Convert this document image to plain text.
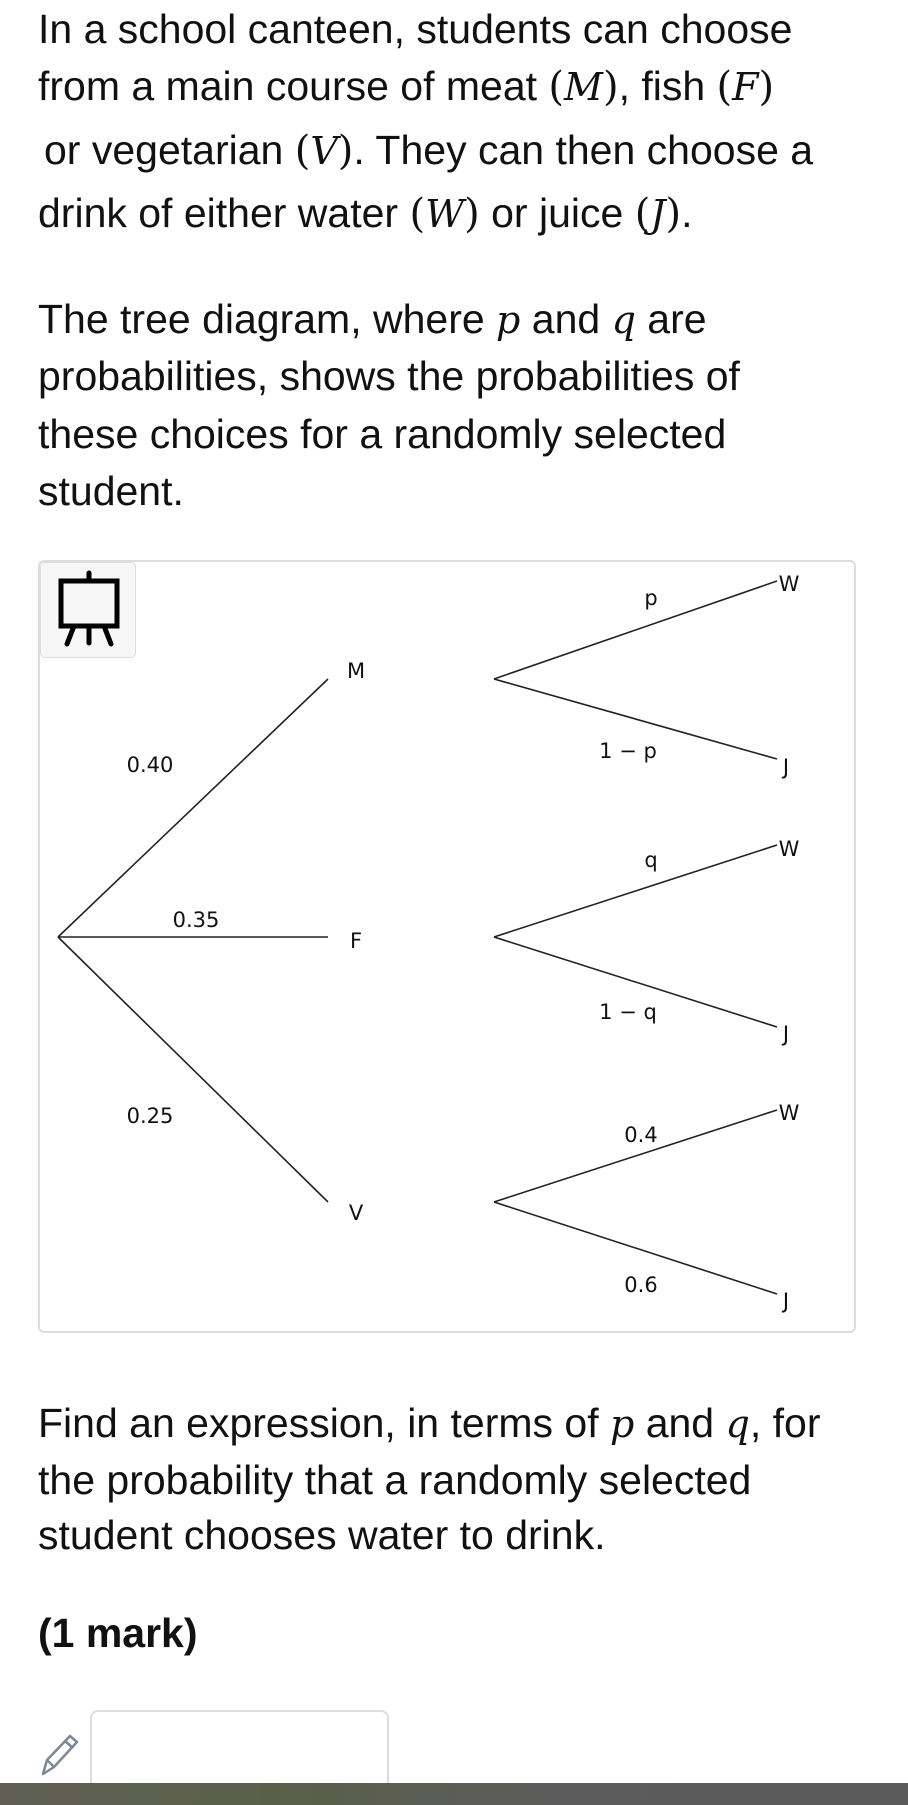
In a school canteen, students can choose
from a main course of meat (M), fish (F)
or vegetarian (V). They can then choose a
drink of either water (W) or juice (J).
The tree diagram, where p and q are
probabilities, shows the probabilities of
these choices for a randomly selected
student.
M
F
V
0.40
0.35
0.25
W
J
W
J
W
J
p
1 − p
q
1 − q
0.4
0.6
Find an expression, in terms of p and q, for
the probability that a randomly selected
student chooses water to drink.
(1 mark)
